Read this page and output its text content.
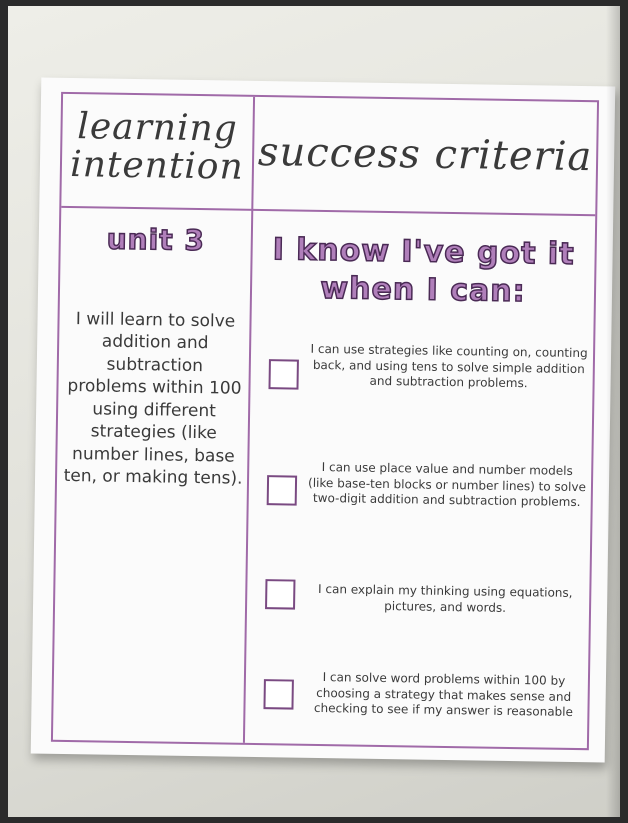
learning intention success criteria
unit 3	I know I've got it when I can:
I will learn to solve addition and subtraction problems within 100 using different strategies (like number lines, base ten, or making tens).
I can use strategies like counting on, counting back, and using tens to solve simple addition and subtraction problems.
I can use place value and number models (like base-ten blocks or number lines) to solve two-digit addition and subtraction problems.
I can explain my thinking using equations, pictures, and words.
I can solve word problems within 100 by choosing a strategy that makes sense and checking to see if my answer is reasonable
